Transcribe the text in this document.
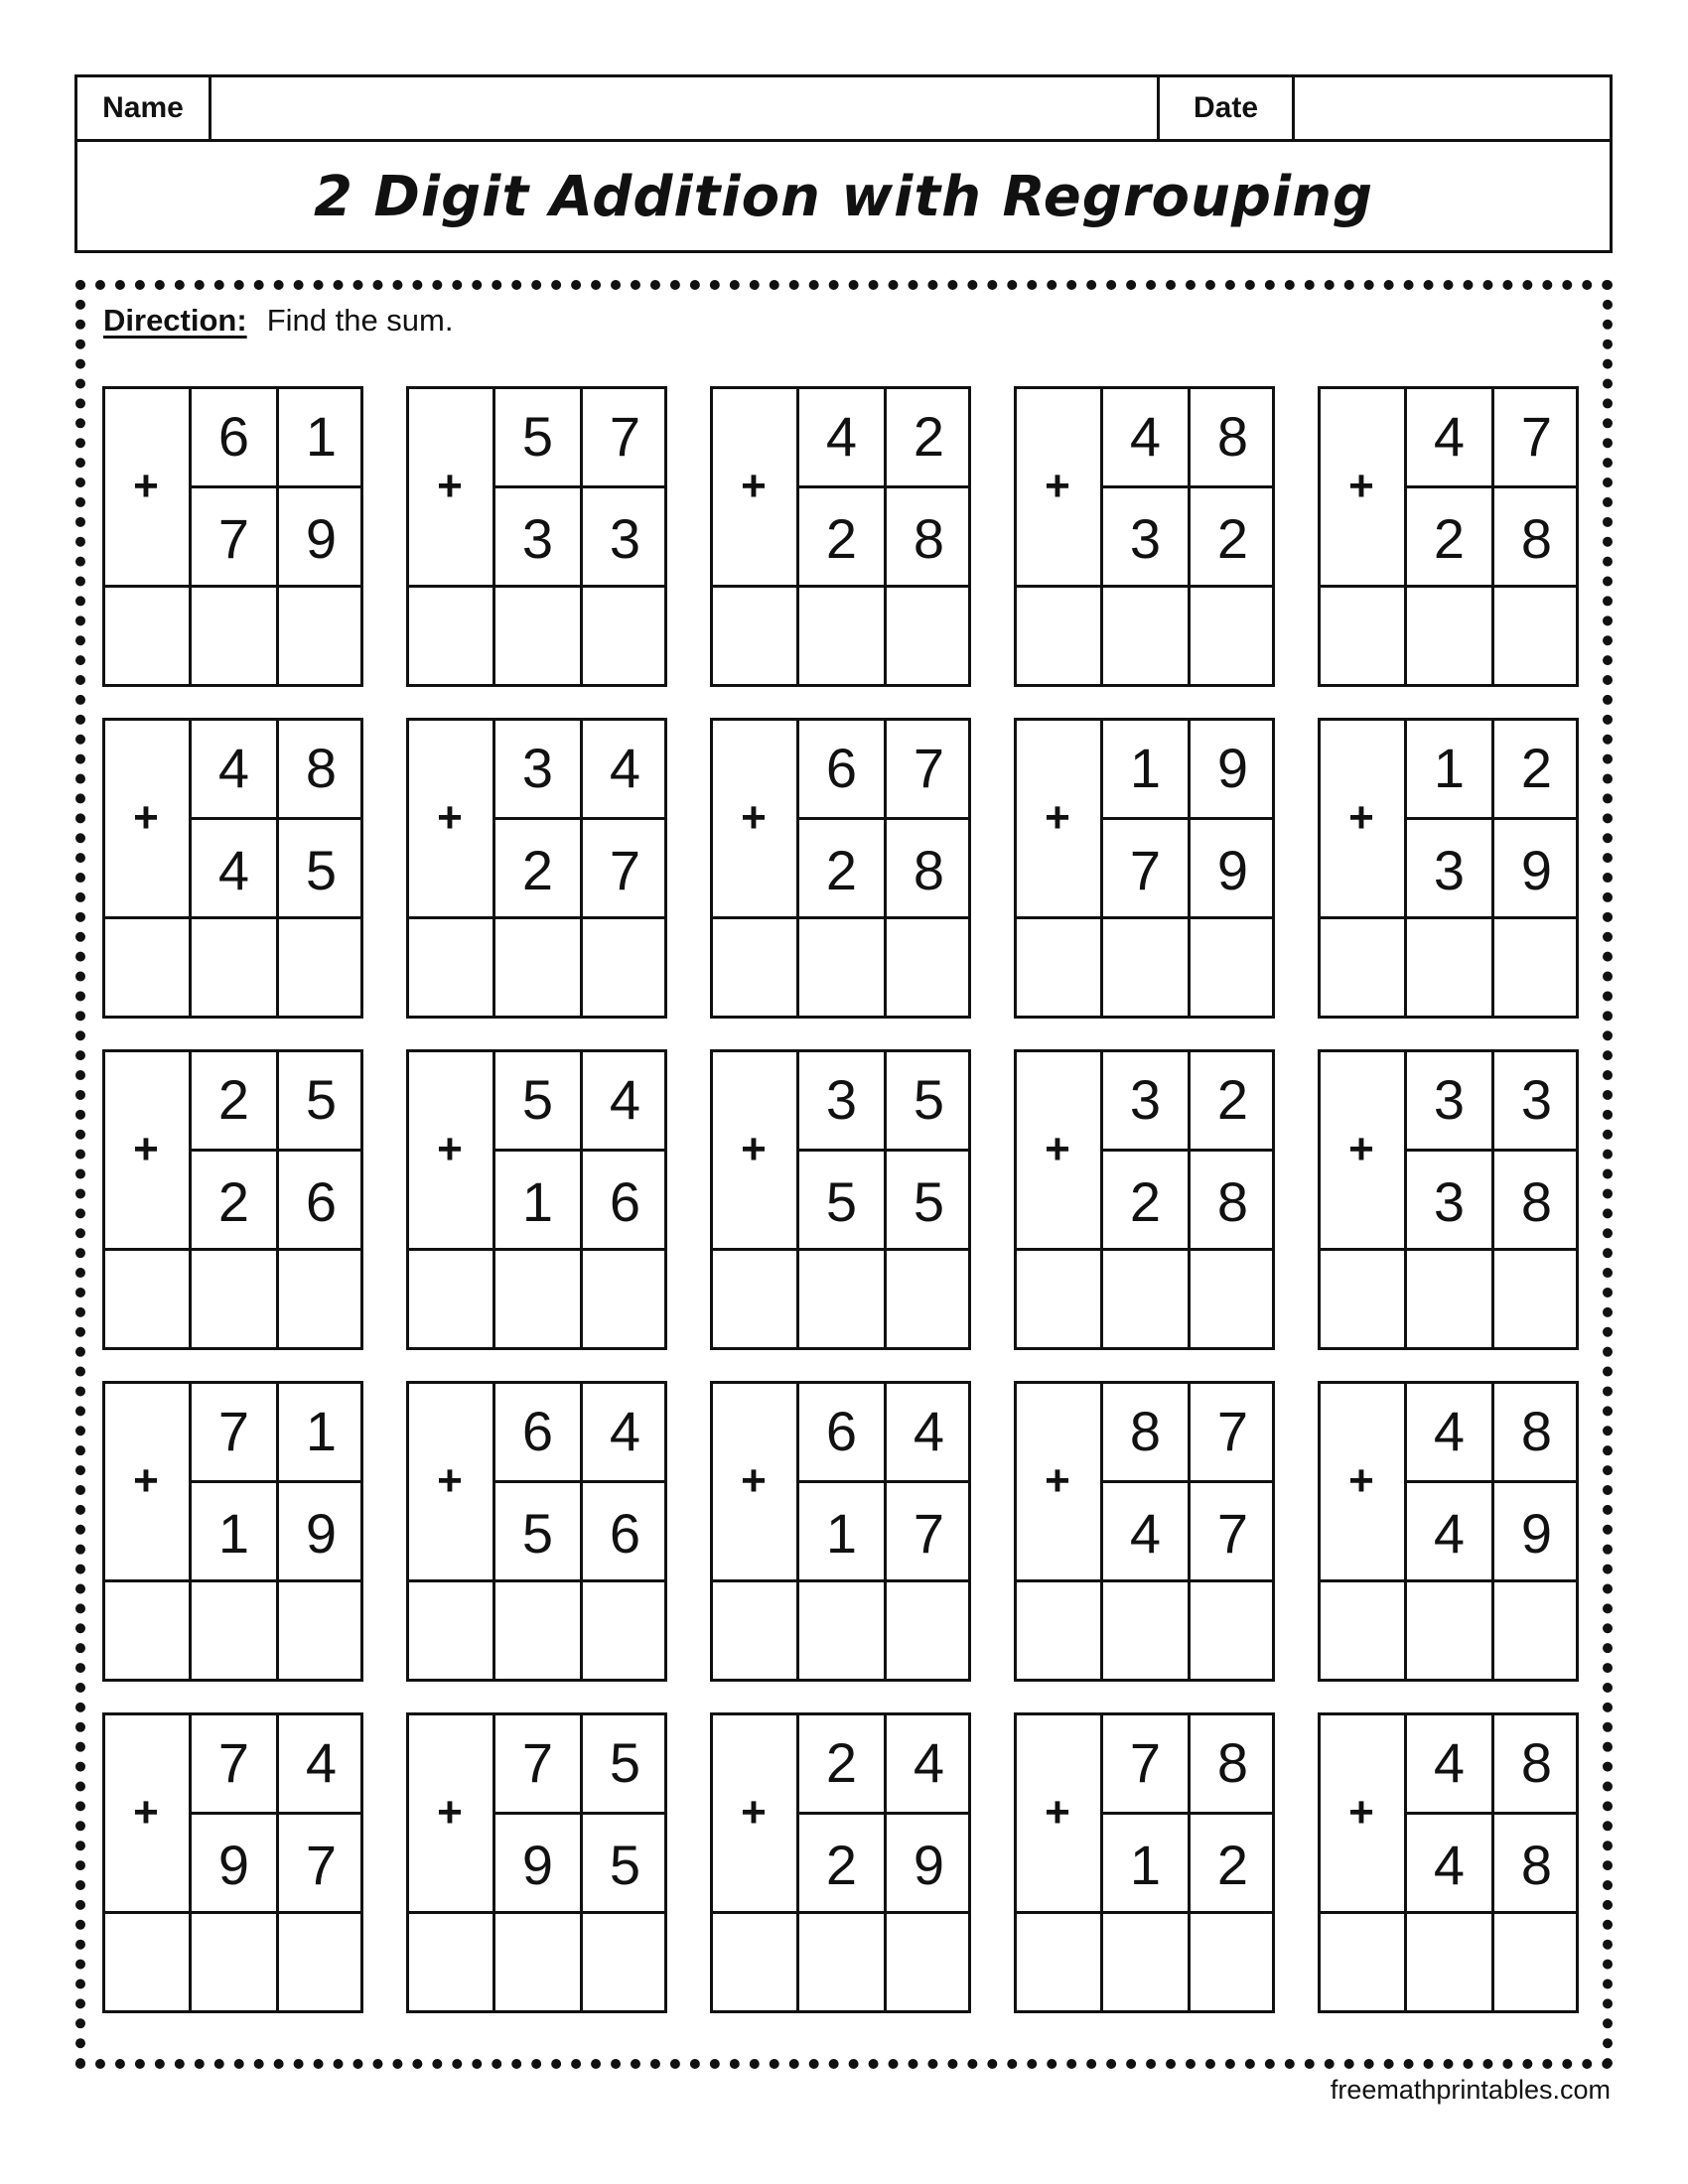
Name	Date
2 Digit Addition with Regrouping
Direction: Find the sum.
+
6	1
7	9
+
5	7
3	3
+
4	2
2	8
+
4	8
3	2
+
4	7
2	8
+
4	8
4	5
+
3	4
2	7
+
6	7
2	8
+
1	9
7	9
+
1	2
3	9
+
2	5
2	6
+
5	4
1	6
+
3	5
5	5
+
3	2
2	8
+
3	3
3	8
+
7	1
1	9
+
6	4
5	6
+
6	4
1	7
+
8	7
4	7
+
4	8
4	9
+
7	4
9	7
+
7	5
9	5
+
2	4
2	9
+
7	8
1	2
+
4	8
4	8
freemathprintables.com
